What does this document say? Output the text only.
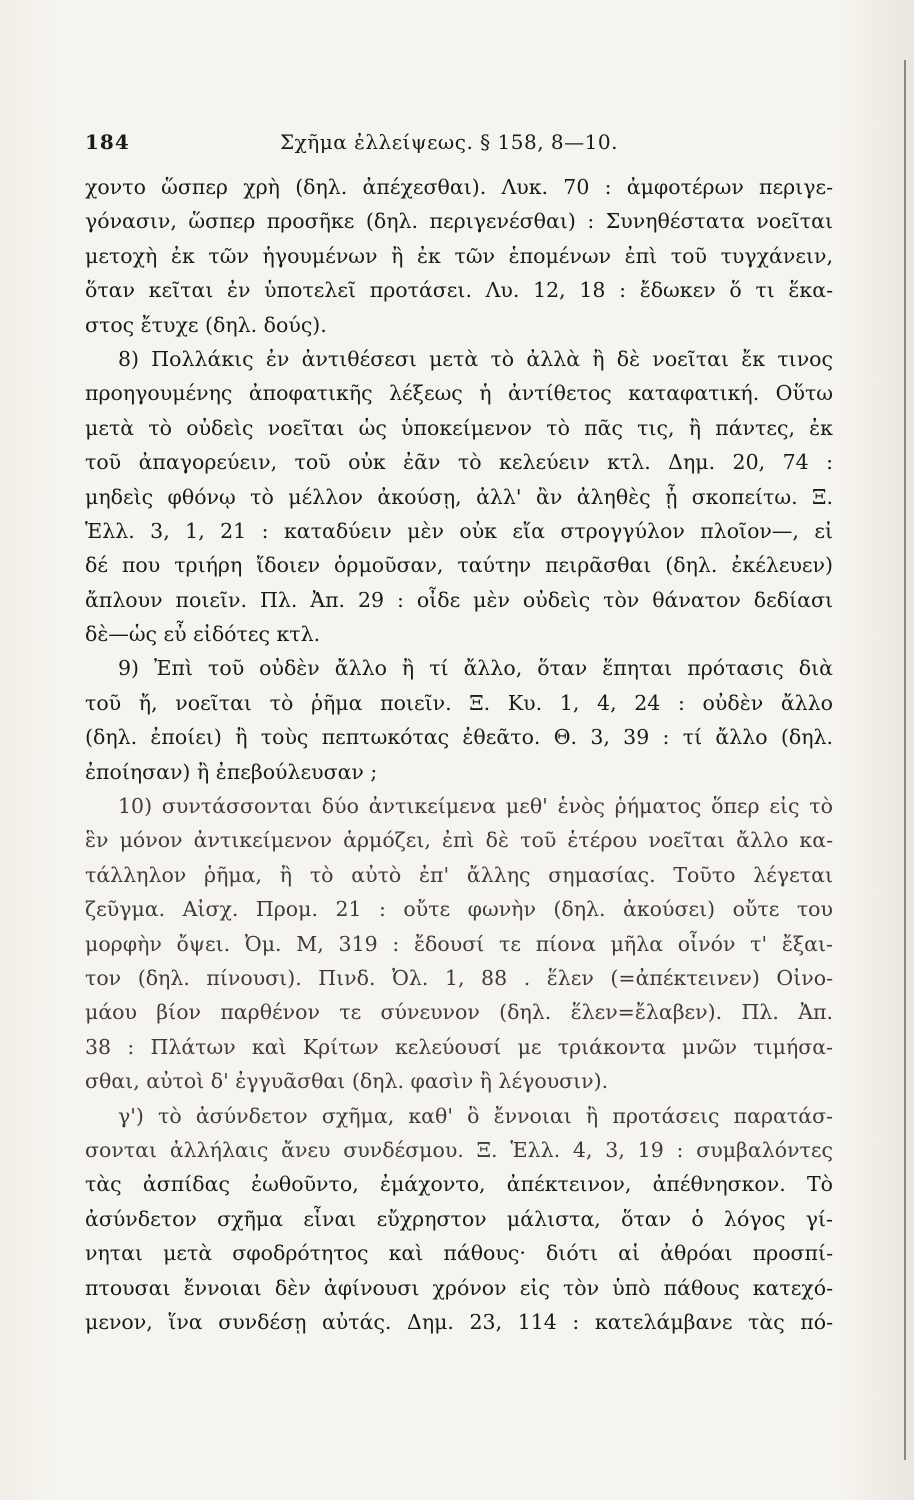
184	Σχῆμα ἐλλείψεως. § 158, 8—10.
χοντο ὥσπερ χρὴ (δηλ. ἀπέχεσθαι). Λυκ. 70 : ἀμφοτέρων περιγε-
γόνασιν, ὥσπερ προσῆκε (δηλ. περιγενέσθαι) : Συνηθέστατα νοεῖται
μετοχὴ ἐκ τῶν ἡγουμένων ἢ ἐκ τῶν ἑπομένων ἐπὶ τοῦ τυγχάνειν,
ὅταν κεῖται ἐν ὑποτελεῖ προτάσει. Λυ. 12, 18 : ἔδωκεν ὅ τι ἕκα-
στος ἔτυχε (δηλ. δούς).
8) Πολλάκις ἐν ἀντιθέσεσι μετὰ τὸ ἀλλὰ ἢ δὲ νοεῖται ἔκ τινος
προηγουμένης ἀποφατικῆς λέξεως ἡ ἀντίθετος καταφατική. Οὕτω
μετὰ τὸ οὐδεὶς νοεῖται ὡς ὑποκείμενον τὸ πᾶς τις, ἢ πάντες, ἐκ
τοῦ ἀπαγορεύειν, τοῦ οὐκ ἐᾶν τὸ κελεύειν κτλ. Δημ. 20, 74 :
μηδεὶς φθόνῳ τὸ μέλλον ἀκούσῃ, ἀλλ' ἂν ἀληθὲς ᾖ σκοπείτω. Ξ.
Ἑλλ. 3, 1, 21 : καταδύειν μὲν οὐκ εἴα στρογγύλον πλοῖον—, εἰ
δέ που τριήρη ἴδοιεν ὁρμοῦσαν, ταύτην πειρᾶσθαι (δηλ. ἐκέλευεν)
ἄπλουν ποιεῖν. Πλ. Ἀπ. 29 : οἶδε μὲν οὐδεὶς τὸν θάνατον δεδίασι
δὲ—ὡς εὖ εἰδότες κτλ.
9) Ἐπὶ τοῦ οὐδὲν ἄλλο ἢ τί ἄλλο, ὅταν ἕπηται πρότασις διὰ
τοῦ ἤ, νοεῖται τὸ ῥῆμα ποιεῖν. Ξ. Κυ. 1, 4, 24 : οὐδὲν ἄλλο
(δηλ. ἐποίει) ἢ τοὺς πεπτωκότας ἐθεᾶτο. Θ. 3, 39 : τί ἄλλο (δηλ.
ἐποίησαν) ἢ ἐπεβούλευσαν ;
10) συντάσσονται δύο ἀντικείμενα μεθ' ἑνὸς ῥήματος ὅπερ εἰς τὸ
ἓν μόνον ἀντικείμενον ἁρμόζει, ἐπὶ δὲ τοῦ ἑτέρου νοεῖται ἄλλο κα-
τάλληλον ῥῆμα, ἢ τὸ αὐτὸ ἐπ' ἄλλης σημασίας. Τοῦτο λέγεται
ζεῦγμα. Αἰσχ. Προμ. 21 : οὔτε φωνὴν (δηλ. ἀκούσει) οὔτε του
μορφὴν ὄψει. Ὀμ. Μ, 319 : ἔδουσί τε πίονα μῆλα οἶνόν τ' ἔξαι-
τον (δηλ. πίνουσι). Πινδ. Ὀλ. 1, 88 . ἕλεν (=ἀπέκτεινεν) Οἰνο-
μάου βίον παρθένον τε σύνευνον (δηλ. ἕλεν=ἔλαβεν). Πλ. Ἀπ.
38 : Πλάτων καὶ Κρίτων κελεύουσί με τριάκοντα μνῶν τιμήσα-
σθαι, αὐτοὶ δ' ἐγγυᾶσθαι (δηλ. φασὶν ἢ λέγουσιν).
γ') τὸ ἀσύνδετον σχῆμα, καθ' ὃ ἔννοιαι ἢ προτάσεις παρατάσ-
σονται ἀλλήλαις ἄνευ συνδέσμου. Ξ. Ἑλλ. 4, 3, 19 : συμβαλόντες
τὰς ἀσπίδας ἐωθοῦντο, ἐμάχοντο, ἀπέκτεινον, ἀπέθνησκον. Τὸ
ἀσύνδετον σχῆμα εἶναι εὔχρηστον μάλιστα, ὅταν ὁ λόγος γί-
νηται μετὰ σφοδρότητος καὶ πάθους· διότι αἱ ἀθρόαι προσπί-
πτουσαι ἔννοιαι δὲν ἀφίνουσι χρόνον εἰς τὸν ὑπὸ πάθους κατεχό-
μενον, ἵνα συνδέσῃ αὐτάς. Δημ. 23, 114 : κατελάμβανε τὰς πό-
